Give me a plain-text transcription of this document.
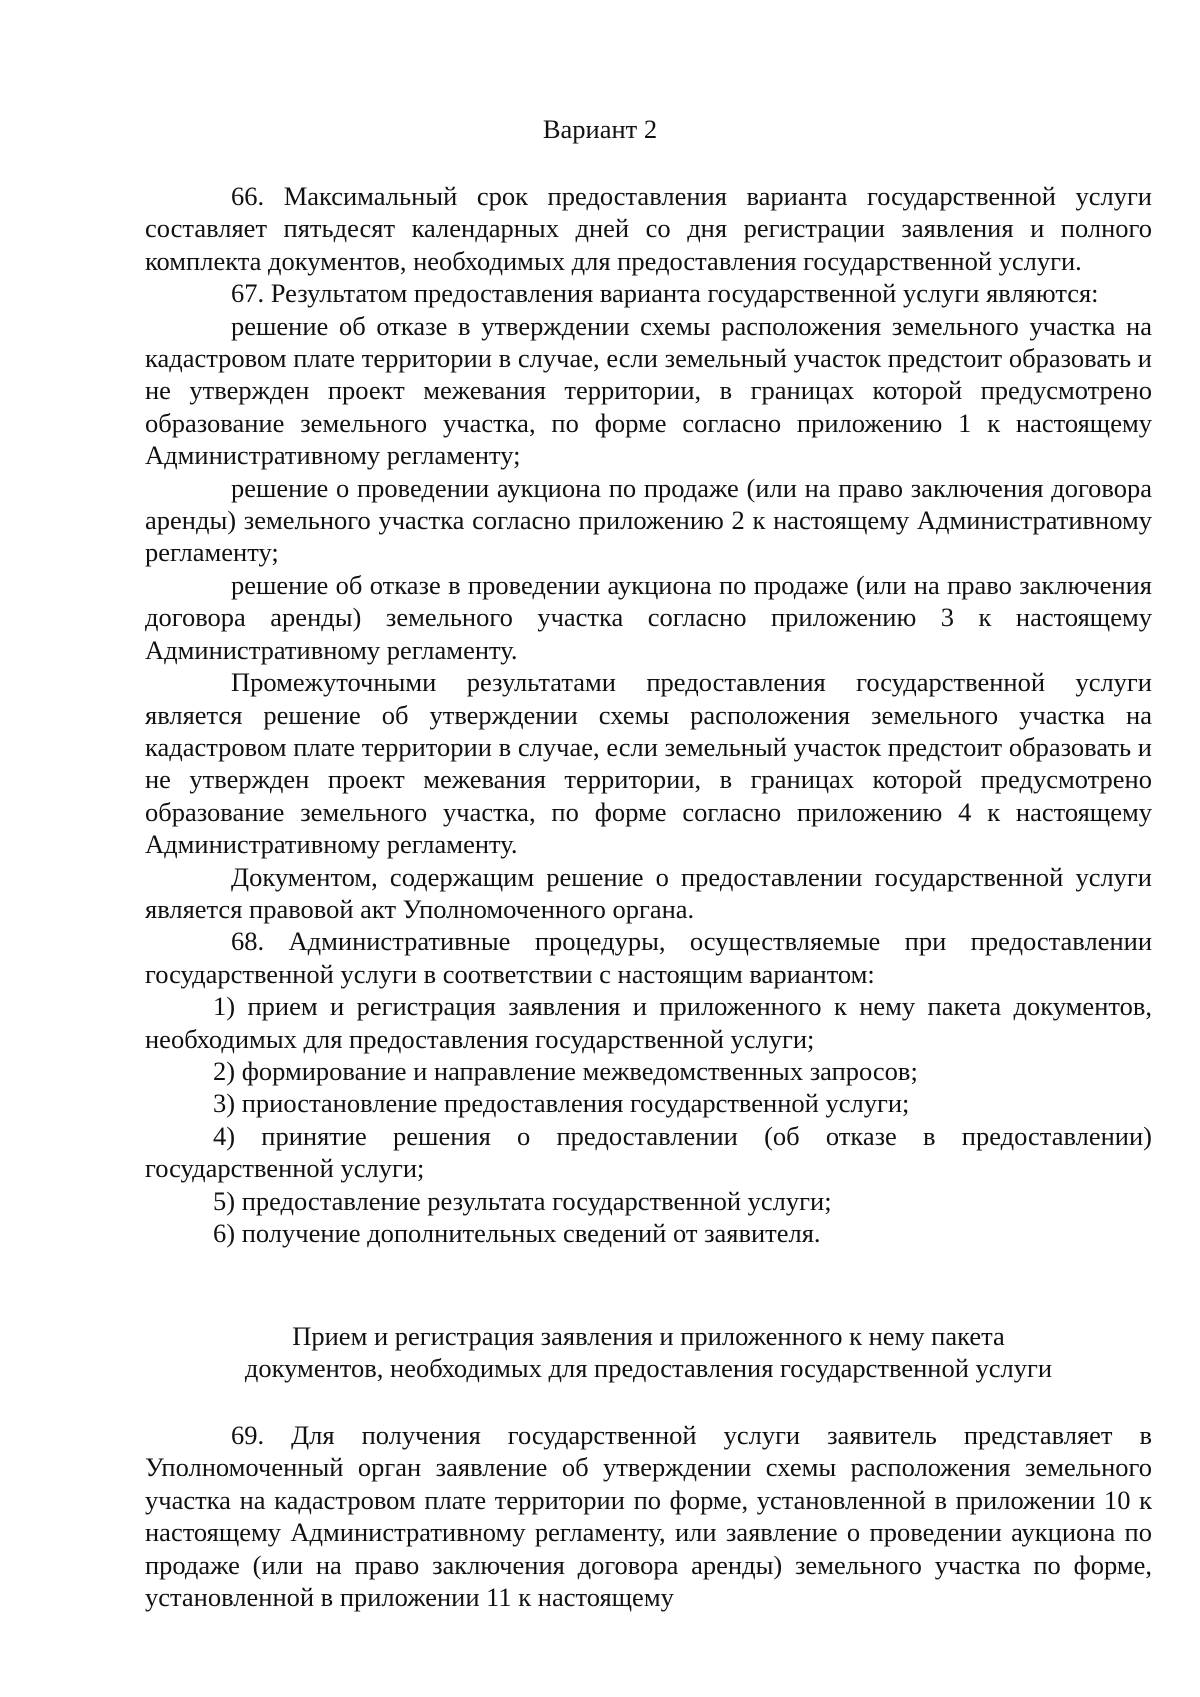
Вариант 2

66. Максимальный срок предоставления варианта государственной услуги составляет пятьдесят календарных дней со дня регистрации заявления и полного комплекта документов, необходимых для предоставления государственной услуги.

67. Результатом предоставления варианта государственной услуги являются:

решение об отказе в утверждении схемы расположения земельного участка на кадастровом плате территории в случае, если земельный участок предстоит образовать и не утвержден проект межевания территории, в границах которой предусмотрено образование земельного участка, по форме согласно приложению 1 к настоящему Административному регламенту;

решение о проведении аукциона по продаже (или на право заключения договора аренды) земельного участка согласно приложению 2 к настоящему Административному регламенту;

решение об отказе в проведении аукциона по продаже (или на право заключения договора аренды) земельного участка согласно приложению 3 к настоящему Административному регламенту.

Промежуточными результатами предоставления государственной услуги является решение об утверждении схемы расположения земельного участка на кадастровом плате территории в случае, если земельный участок предстоит образовать и не утвержден проект межевания территории, в границах которой предусмотрено образование земельного участка, по форме согласно приложению 4 к настоящему Административному регламенту.

Документом, содержащим решение о предоставлении государственной услуги является правовой акт Уполномоченного органа.

68. Административные процедуры, осуществляемые при предоставлении государственной услуги в соответствии с настоящим вариантом:

1) прием и регистрация заявления и приложенного к нему пакета документов, необходимых для предоставления государственной услуги;

2) формирование и направление межведомственных запросов;

3) приостановление предоставления государственной услуги;

4) принятие решения о предоставлении (об отказе в предоставлении) государственной услуги;

5) предоставление результата государственной услуги;

6) получение дополнительных сведений от заявителя.

Прием и регистрация заявления и приложенного к нему пакета
документов, необходимых для предоставления государственной услуги

69. Для получения государственной услуги заявитель представляет в Уполномоченный орган заявление об утверждении схемы расположения земельного участка на кадастровом плате территории по форме, установленной в приложении 10 к настоящему Административному регламенту, или заявление о проведении аукциона по продаже (или на право заключения договора аренды) земельного участка по форме, установленной в приложении 11 к настоящему
